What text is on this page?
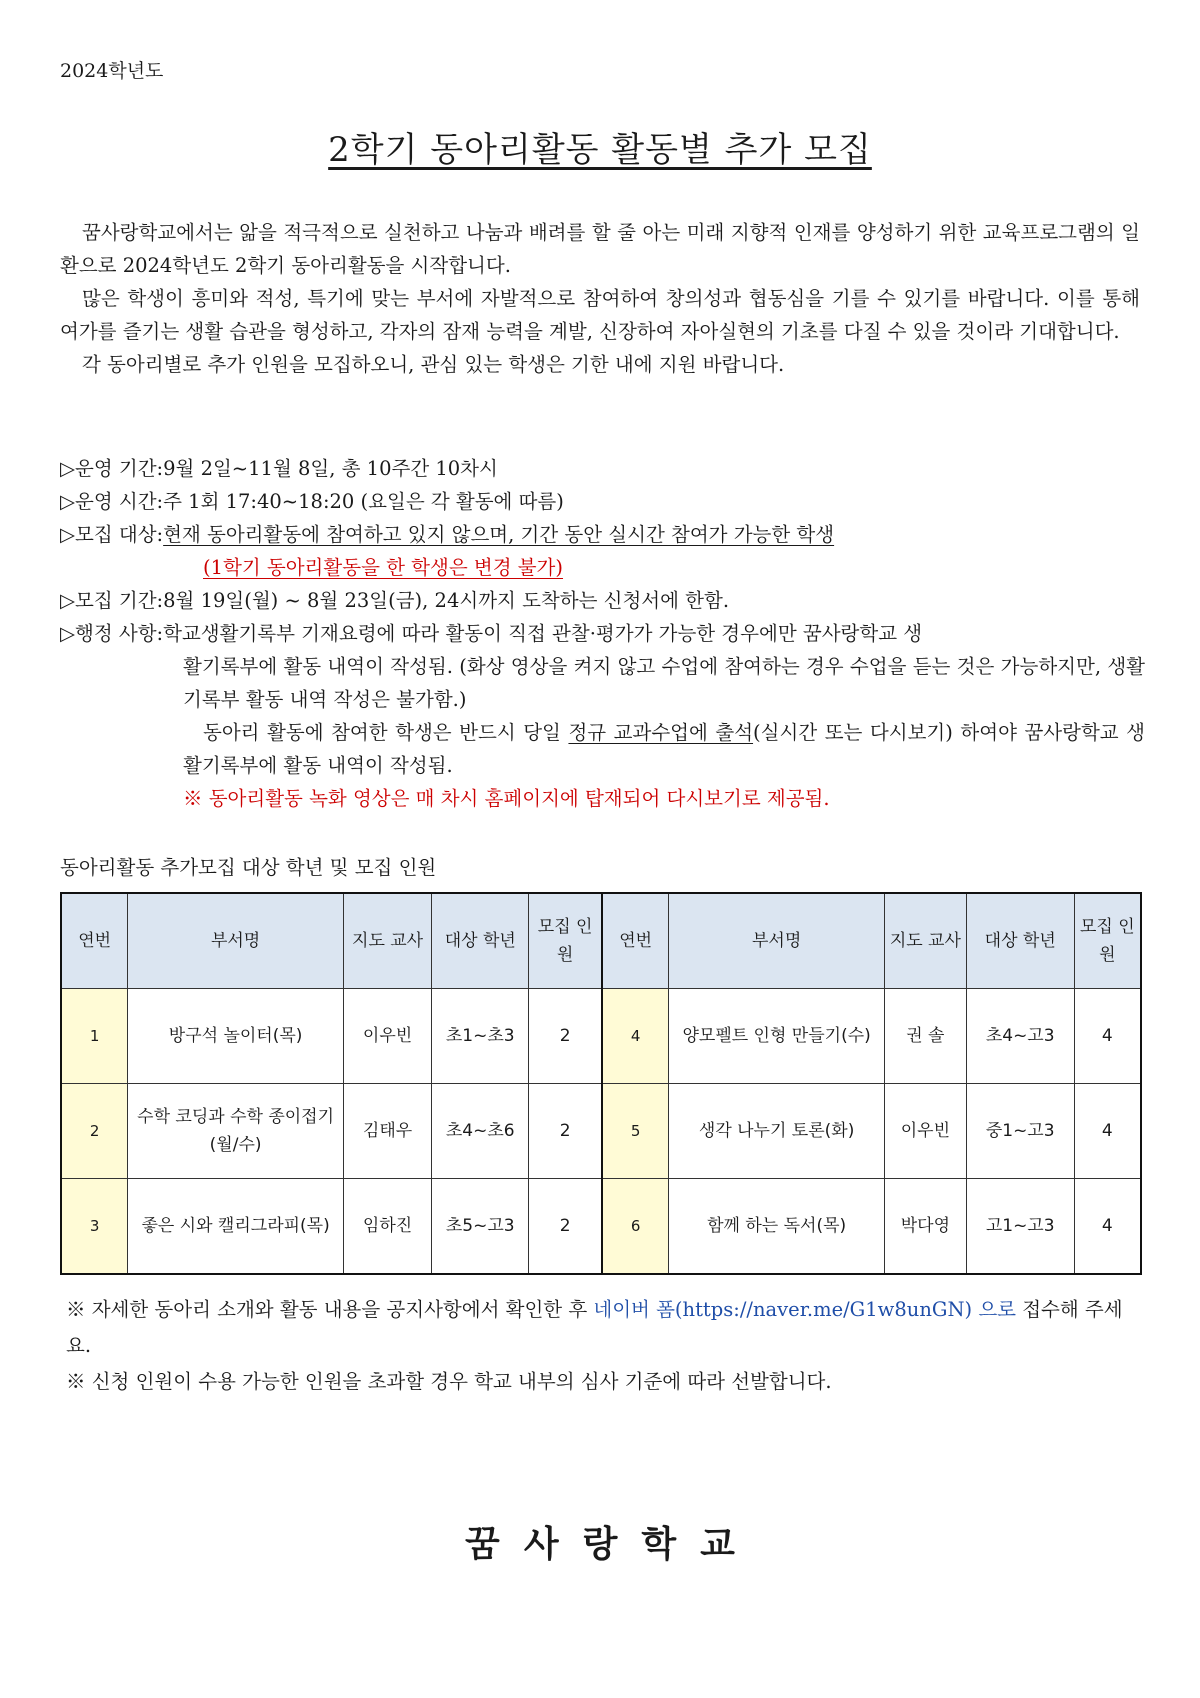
2024학년도
2학기 동아리활동 활동별 추가 모집

꿈사랑학교에서는 앎을 적극적으로 실천하고 나눔과 배려를 할 줄 아는 미래 지향적 인재를 양성하기 위한 교육프로그램의 일환으로 2024학년도 2학기 동아리활동을 시작합니다.

많은 학생이 흥미와 적성, 특기에 맞는 부서에 자발적으로 참여하여 창의성과 협동심을 기를 수 있기를 바랍니다. 이를 통해 여가를 즐기는 생활 습관을 형성하고, 각자의 잠재 능력을 계발, 신장하여 자아실현의 기초를 다질 수 있을 것이라 기대합니다.

각 동아리별로 추가 인원을 모집하오니, 관심 있는 학생은 기한 내에 지원 바랍니다.

▷운영 기간: 9월 2일~11월 8일, 총 10주간 10차시
▷운영 시간: 주 1회 17:40~18:20 (요일은 각 활동에 따름)
▷모집 대상: 현재 동아리활동에 참여하고 있지 않으며, 기간 동안 실시간 참여가 가능한 학생
(1학기 동아리활동을 한 학생은 변경 불가)
▷모집 기간: 8월 19일(월) ~ 8월 23일(금), 24시까지 도착하는 신청서에 한함.
▷행정 사항: 학교생활기록부 기재요령에 따라 활동이 직접 관찰·평가가 가능한 경우에만 꿈사랑학교 생
활기록부에 활동 내역이 작성됨. (화상 영상을 켜지 않고 수업에 참여하는 경우 수업을 듣는 것은 가능하지만, 생활기록부 활동 내역 작성은 불가함.)
동아리 활동에 참여한 학생은 반드시 당일 정규 교과수업에 출석(실시간 또는 다시보기) 하여야 꿈사랑학교 생활기록부에 활동 내역이 작성됨.
※ 동아리활동 녹화 영상은 매 차시 홈페이지에 탑재되어 다시보기로 제공됨.
동아리활동 추가모집 대상 학년 및 모집 인원
연번	부서명	지도 교사	대상 학년	모집 인원	연번	부서명	지도 교사	대상 학년	모집 인원
1	방구석 놀이터(목)	이우빈	초1~초3	2	4	양모펠트 인형 만들기(수)	권 솔	초4~고3	4
2	수학 코딩과 수학 종이접기(월/수)	김태우	초4~초6	2	5	생각 나누기 토론(화)	이우빈	중1~고3	4
3	좋은 시와 캘리그라피(목)	임하진	초5~고3	2	6	함께 하는 독서(목)	박다영	고1~고3	4
※ 자세한 동아리 소개와 활동 내용을 공지사항에서 확인한 후 네이버 폼(https://naver.me/G1w8unGN) 으로 접수해 주세요.
※ 신청 인원이 수용 가능한 인원을 초과할 경우 학교 내부의 심사 기준에 따라 선발합니다.
꿈사랑학교
